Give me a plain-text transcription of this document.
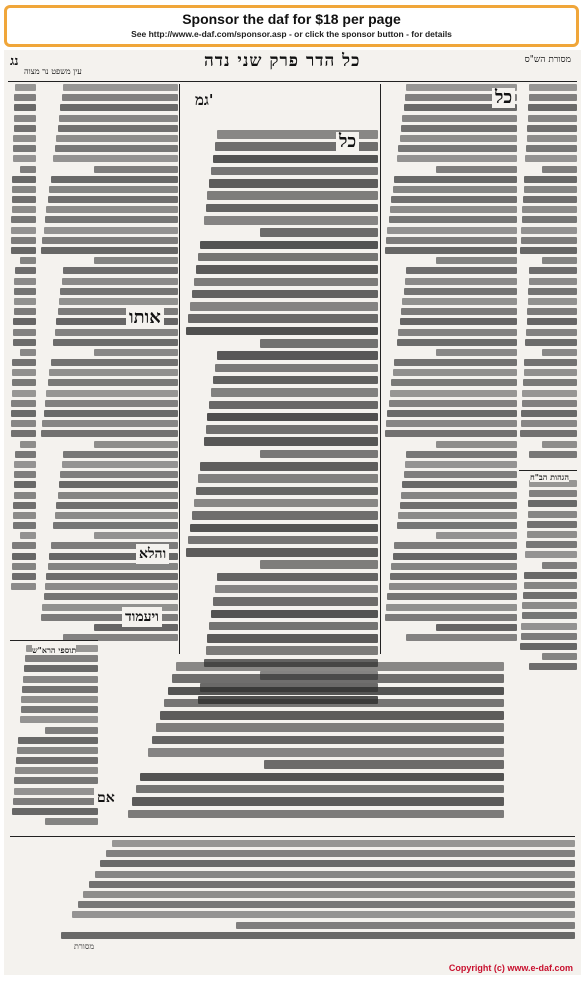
Sponsor the daf for $18 per page
See http://www.e-daf.com/sponsor.asp - or click the sponsor button - for details
נג
עין משפט נר מצוה
כל הדר פרק שני נדה	מסורת הש"ס
כל
גמ'	כל
אותו
והלא
ויעמוד
אם
תוספי הרא"ש
הגהות הב"ח
מסורת
Copyright (c) www.e-daf.com
